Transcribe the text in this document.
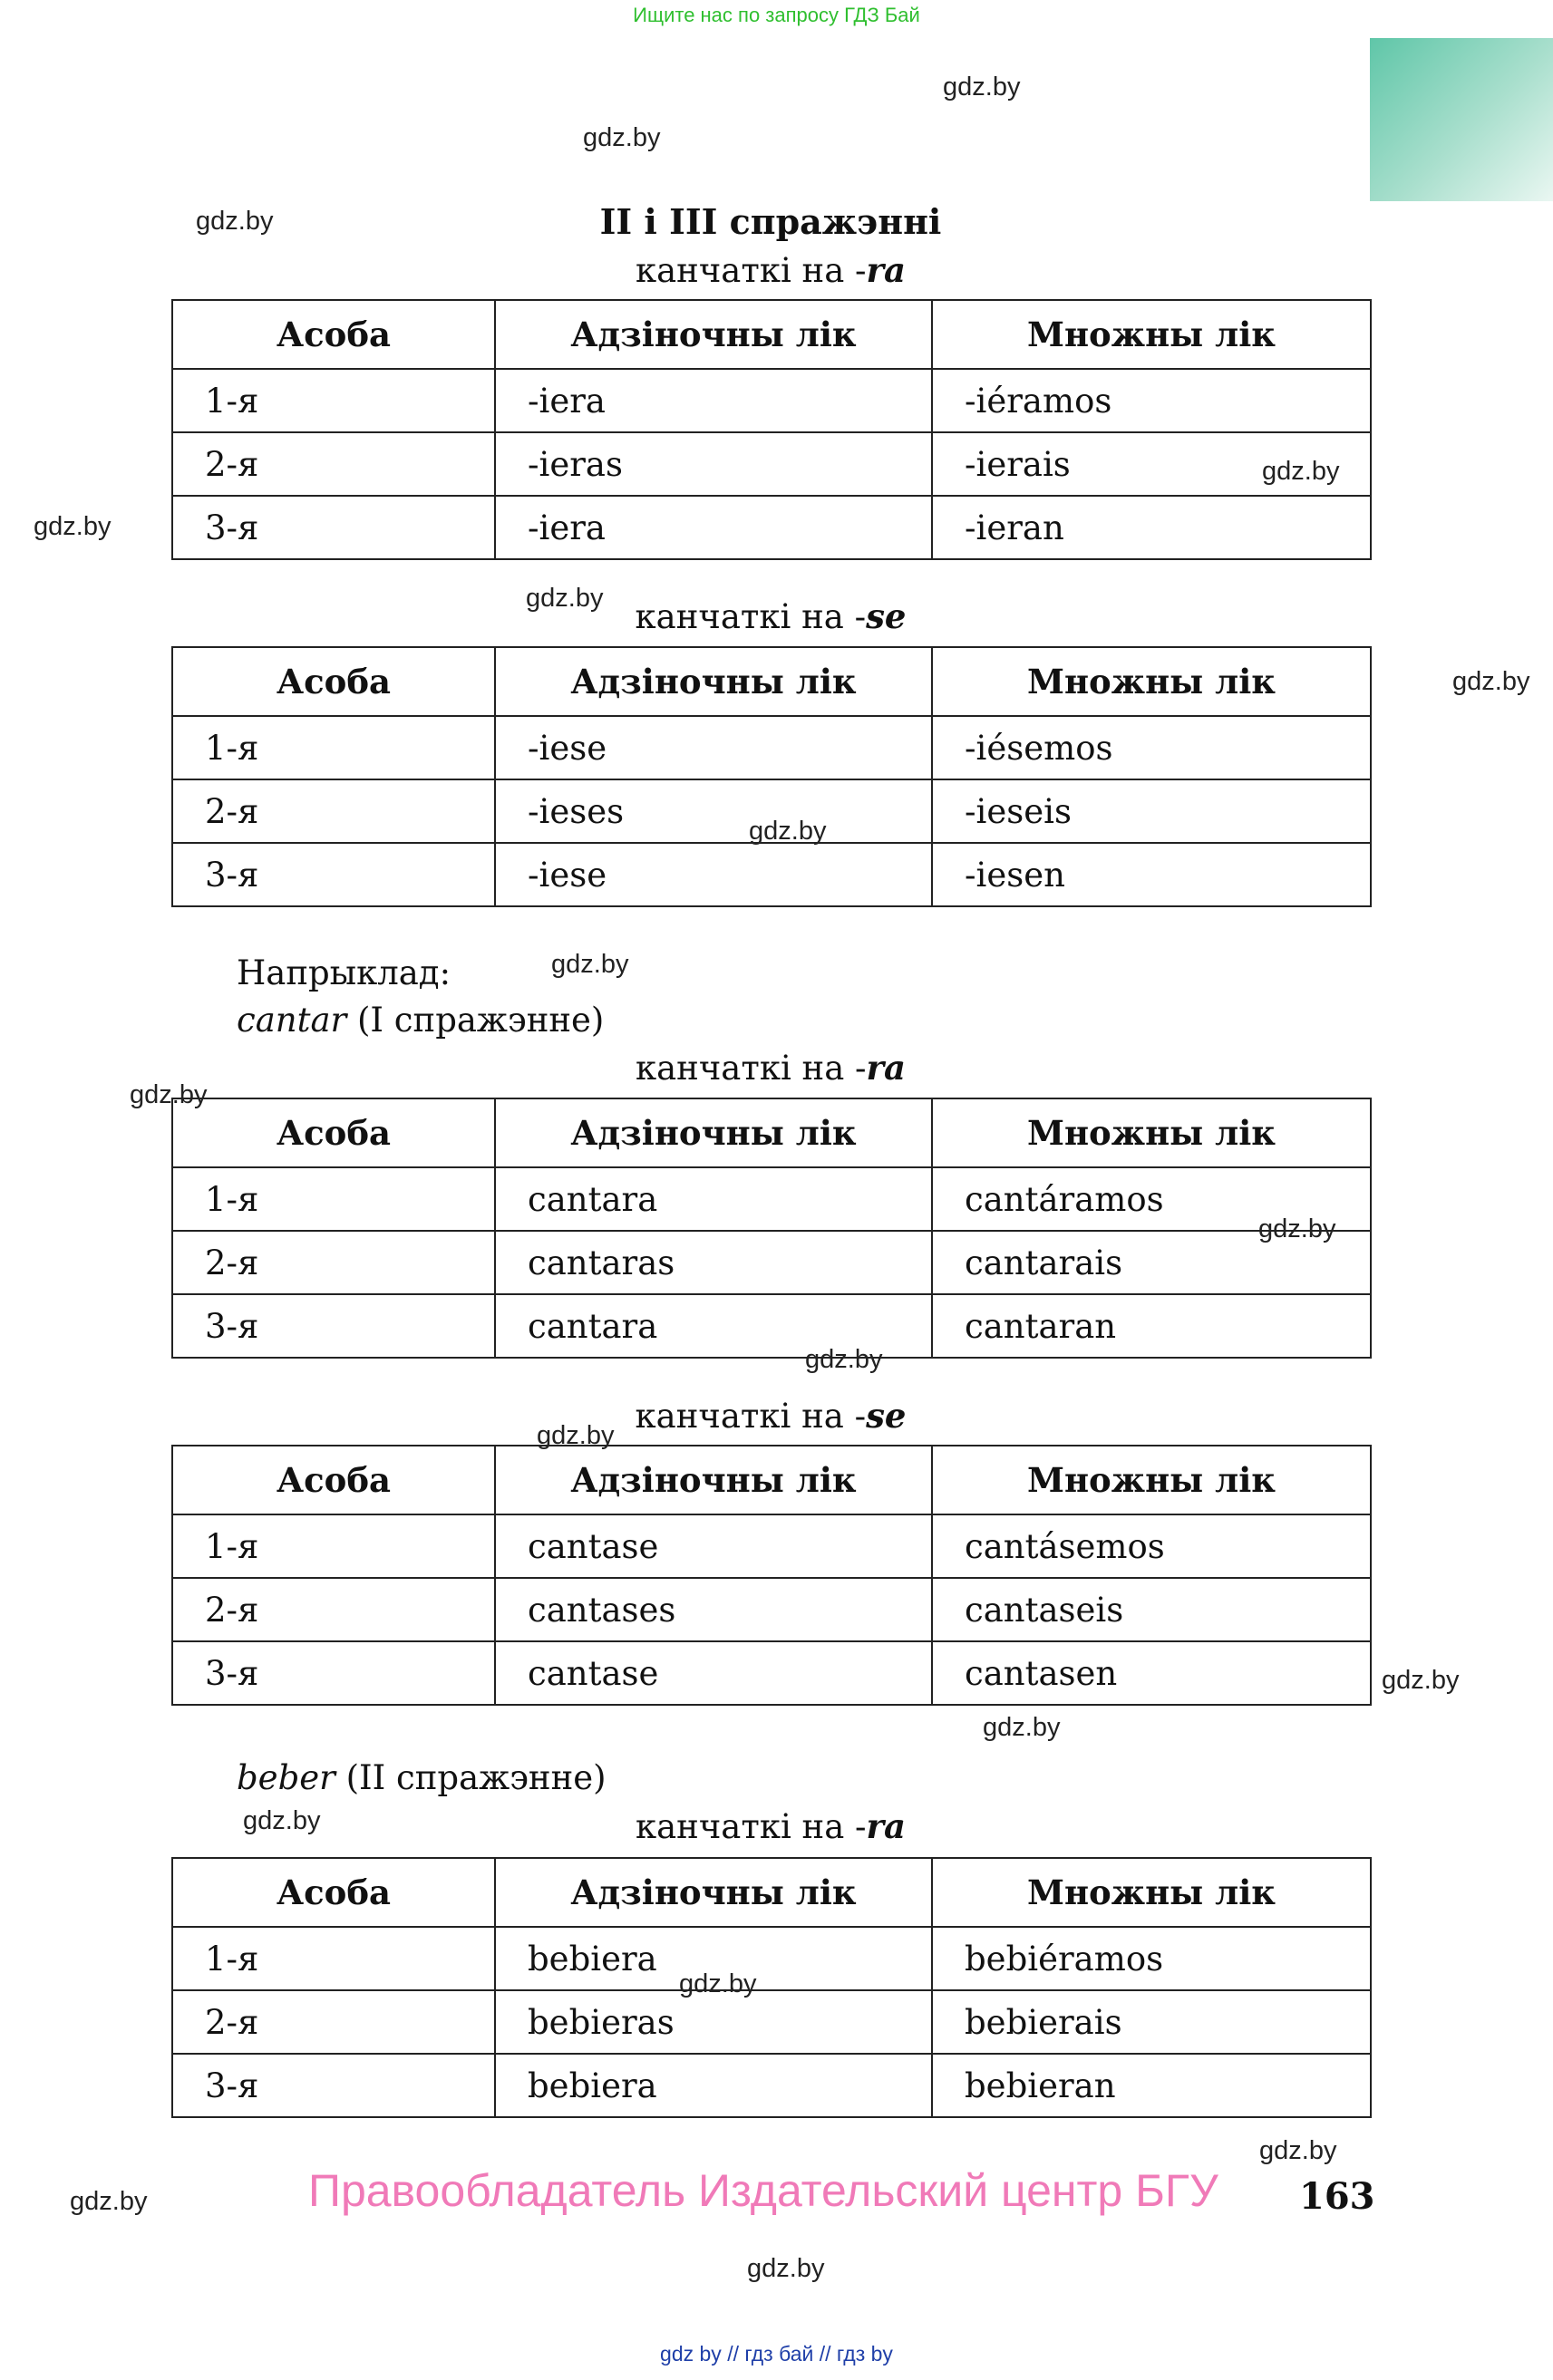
Ищите нас по запросу ГДЗ Бай
gdz.by
gdz.by
gdz.by
gdz.by
gdz.by
gdz.by
gdz.by
gdz.by
gdz.by
gdz.by
gdz.by
gdz.by
gdz.by
gdz.by
gdz.by
gdz.by
gdz.by
gdz.by
gdz.by
gdz.by
II і III спражэнні
канчаткі на -ra
Асоба	Адзіночны лік	Множны лік
1-я	-iera	-iéramos
2-я	-ieras	-ierais
3-я	-iera	-ieran
канчаткі на -se
Асоба	Адзіночны лік	Множны лік
1-я	-iese	-iésemos
2-я	-ieses	-ieseis
3-я	-iese	-iesen
Напрыклад:
cantar (I спражэнне)
канчаткі на -ra
Асоба	Адзіночны лік	Множны лік
1-я	cantara	cantáramos
2-я	cantaras	cantarais
3-я	cantara	cantaran
канчаткі на -se
Асоба	Адзіночны лік	Множны лік
1-я	cantase	cantásemos
2-я	cantases	cantaseis
3-я	cantase	cantasen
beber (II спражэнне)
канчаткі на -ra
Асоба	Адзіночны лік	Множны лік
1-я	bebiera	bebiéramos
2-я	bebieras	bebierais
3-я	bebiera	bebieran
Правообладатель Издательский центр БГУ 163
gdz by // гдз бай // гдз by
